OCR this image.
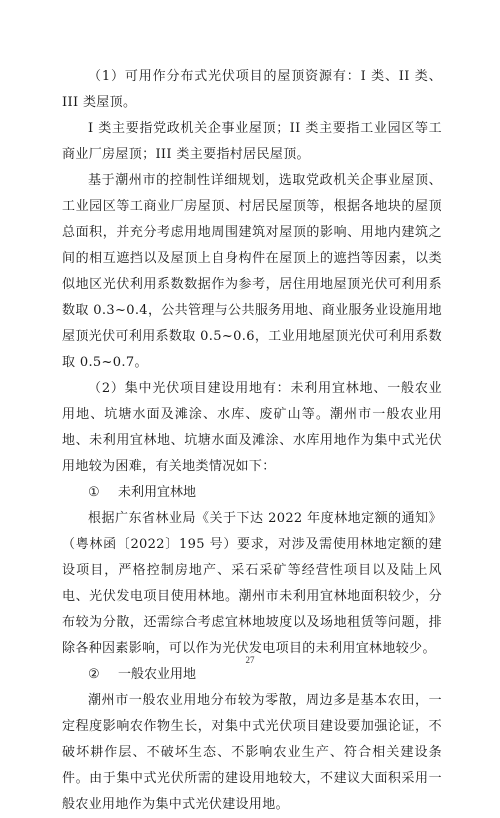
（1）可用作分布式光伏项目的屋顶资源有：I 类、II 类、III 类屋顶。

I 类主要指党政机关企事业屋顶；II 类主要指工业园区等工商业厂房屋顶；III 类主要指村居民屋顶。

基于潮州市的控制性详细规划，选取党政机关企事业屋顶、工业园区等工商业厂房屋顶、村居民屋顶等，根据各地块的屋顶总面积，并充分考虑用地周围建筑对屋顶的影响、用地内建筑之间的相互遮挡以及屋顶上自身构件在屋顶上的遮挡等因素，以类似地区光伏利用系数数据作为参考，居住用地屋顶光伏可利用系数取 0.3~0.4，公共管理与公共服务用地、商业服务业设施用地屋顶光伏可利用系数取 0.5~0.6，工业用地屋顶光伏可利用系数取 0.5~0.7。

（2）集中光伏项目建设用地有：未利用宜林地、一般农业用地、坑塘水面及滩涂、水库、废矿山等。潮州市一般农业用地、未利用宜林地、坑塘水面及滩涂、水库用地作为集中式光伏用地较为困难，有关地类情况如下：

① 未利用宜林地

根据广东省林业局《关于下达 2022 年度林地定额的通知》（粤林函〔2022〕195 号）要求，对涉及需使用林地定额的建设项目，严格控制房地产、采石采矿等经营性项目以及陆上风电、光伏发电项目使用林地。潮州市未利用宜林地面积较少，分布较为分散，还需综合考虑宜林地坡度以及场地租赁等问题，排除各种因素影响，可以作为光伏发电项目的未利用宜林地较少。

② 一般农业用地

潮州市一般农业用地分布较为零散，周边多是基本农田，一定程度影响农作物生长，对集中式光伏项目建设要加强论证，不破坏耕作层、不破坏生态、不影响农业生产、符合相关建设条件。由于集中式光伏所需的建设用地较大，不建议大面积采用一般农业用地作为集中式光伏建设用地。

27
